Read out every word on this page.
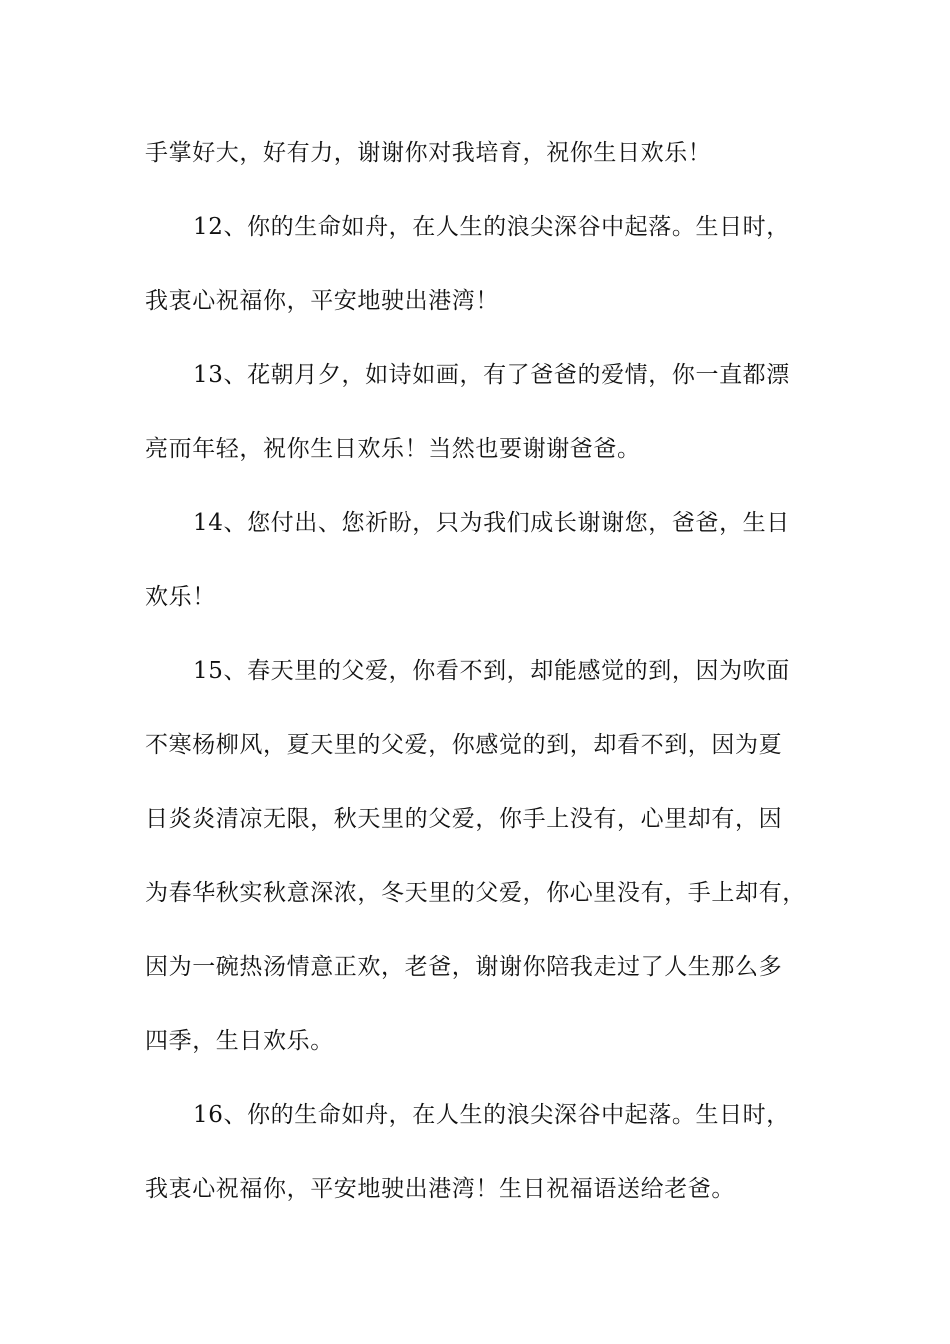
手掌好大，好有力，谢谢你对我培育，祝你生日欢乐！
12、你的生命如舟，在人生的浪尖深谷中起落。生日时，
我衷心祝福你，平安地驶出港湾！
13、花朝月夕，如诗如画，有了爸爸的爱情，你一直都漂
亮而年轻，祝你生日欢乐！当然也要谢谢爸爸。
14、您付出、您祈盼，只为我们成长谢谢您，爸爸，生日
欢乐！
15、春天里的父爱，你看不到，却能感觉的到，因为吹面
不寒杨柳风，夏天里的父爱，你感觉的到，却看不到，因为夏
日炎炎清凉无限，秋天里的父爱，你手上没有，心里却有，因
为春华秋实秋意深浓，冬天里的父爱，你心里没有，手上却有，
因为一碗热汤情意正欢，老爸，谢谢你陪我走过了人生那么多
四季，生日欢乐。
16、你的生命如舟，在人生的浪尖深谷中起落。生日时，
我衷心祝福你，平安地驶出港湾！生日祝福语送给老爸。
